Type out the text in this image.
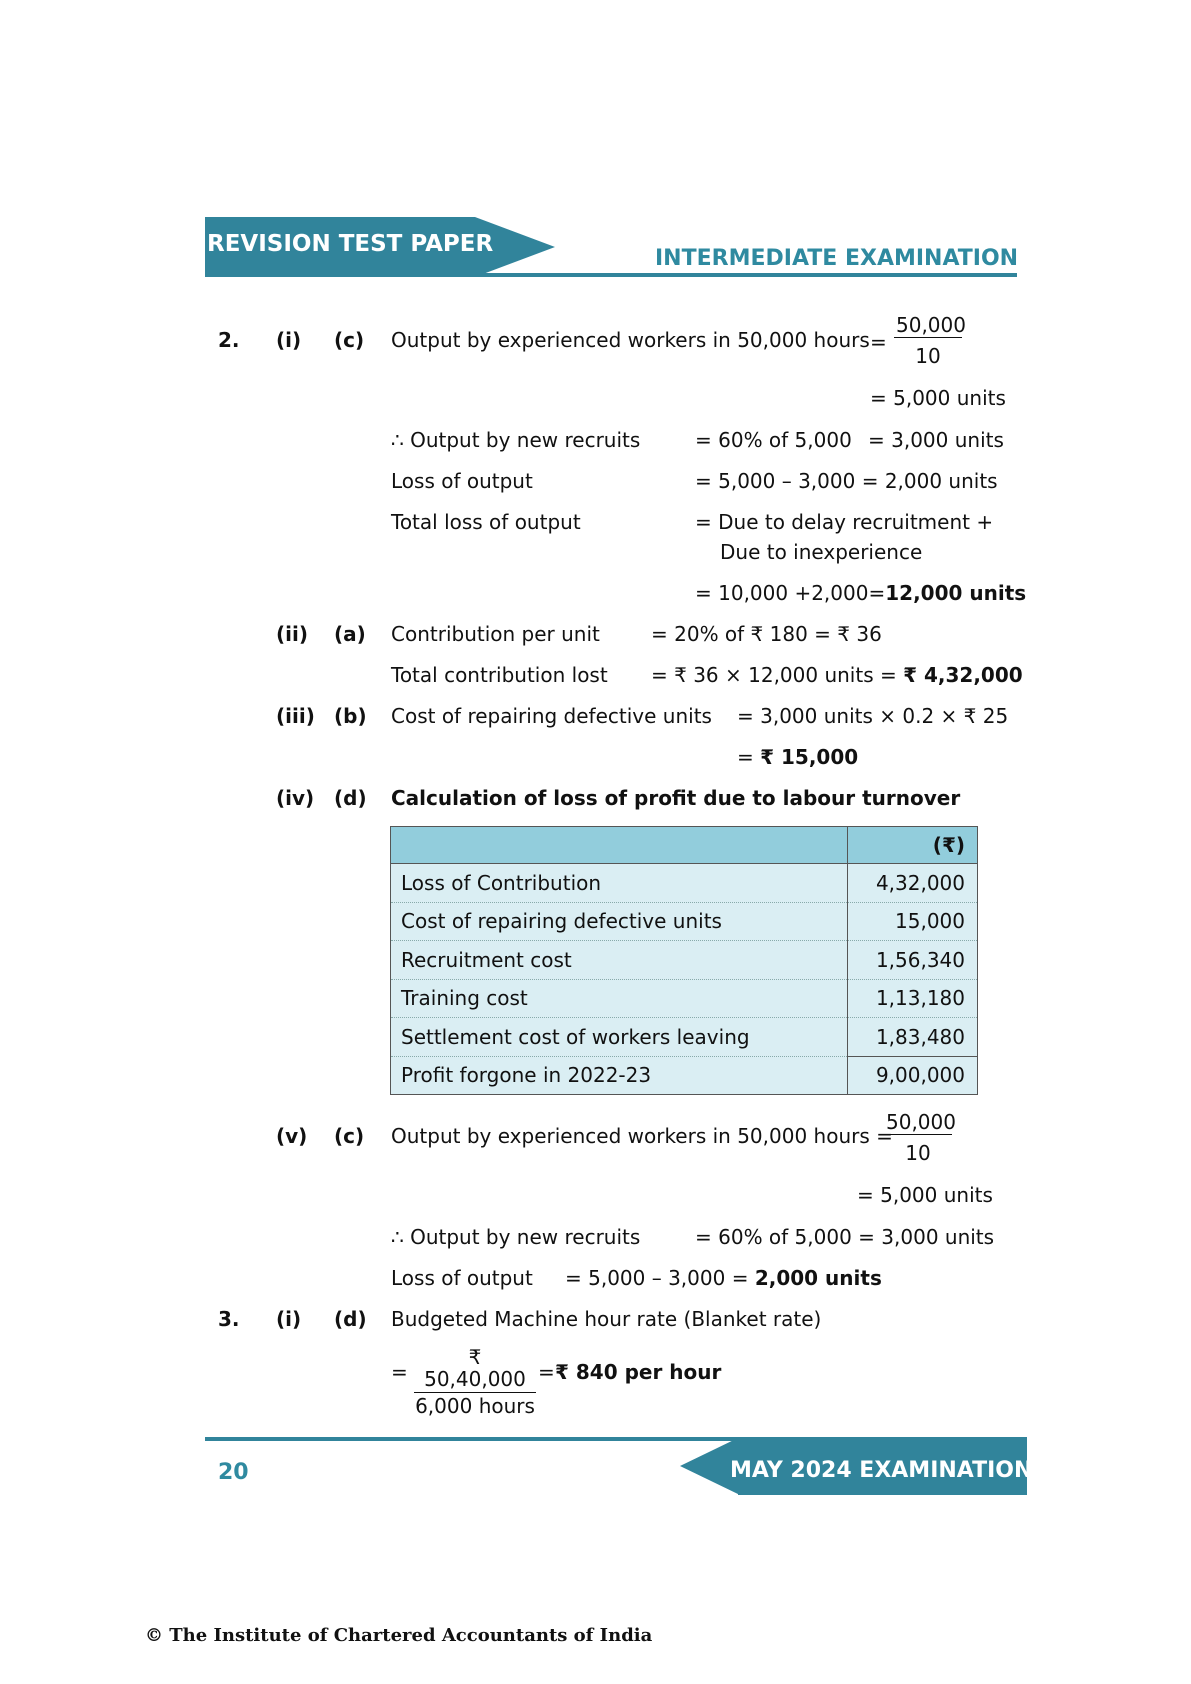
REVISION TEST PAPER
INTERMEDIATE EXAMINATION
2. (i) (c) Output by experienced workers in 50,000 hours = $\frac{50,000}{10}$
= 5,000 units
∴ Output by new recruits	= 60% of 5,000 = 3,000 units
Loss of output	= 5,000 – 3,000 = 2,000 units
Total loss of output	= Due to delay recruitment +
Due to inexperience
= 10,000 +2,000=12,000 units
(ii) (a) Contribution per unit	= 20% of ₹ 180 = ₹ 36
Total contribution lost = ₹ 36 × 12,000 units = ₹ 4,32,000
(iii) (b) Cost of repairing defective units = 3,000 units × 0.2 × ₹ 25
= ₹ 15,000
(iv) (d) Calculation of loss of profit due to labour turnover
	(₹)
Loss of Contribution	4,32,000
Cost of repairing defective units	15,000
Recruitment cost	1,56,340
Training cost	1,13,180
Settlement cost of workers leaving	1,83,480
Profit forgone in 2022-23	9,00,000
(v) (c) Output by experienced workers in 50,000 hours =
$\frac{50,000}{10}$
= 5,000 units
∴ Output by new recruits	= 60% of 5,000 = 3,000 units
Loss of output = 5,000 – 3,000 = 2,000 units
3. (i) (d) Budgeted Machine hour rate (Blanket rate)
=
₹ 50,40,000
6,000 hours
= ₹ 840 per hour
MAY 2024 EXAMINATION
20
© The Institute of Chartered Accountants of India
